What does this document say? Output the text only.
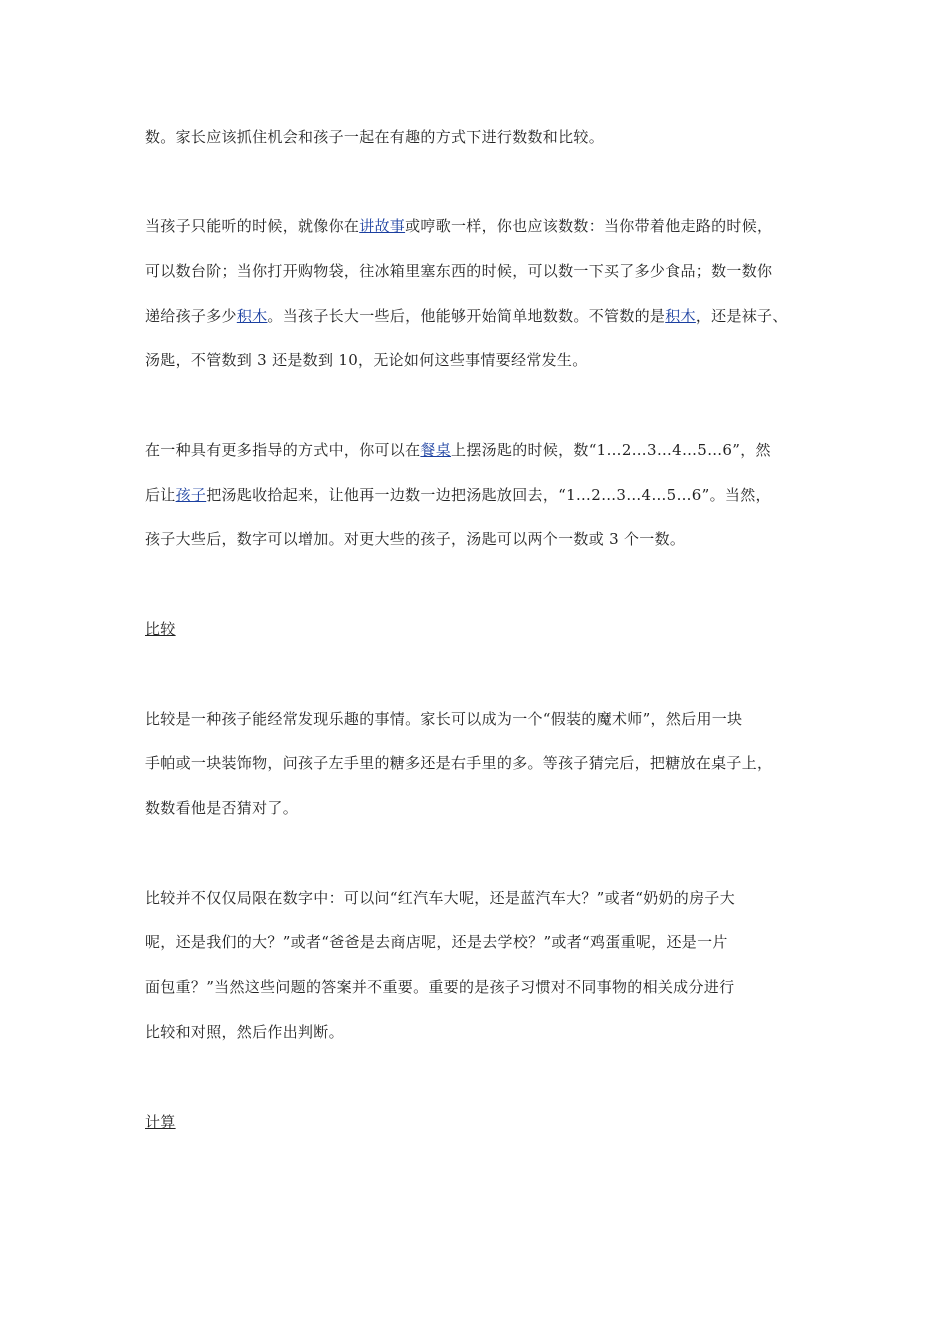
数。家长应该抓住机会和孩子一起在有趣的方式下进行数数和比较。
当孩子只能听的时候，就像你在讲故事或哼歌一样，你也应该数数：当你带着他走路的时候，
可以数台阶；当你打开购物袋，往冰箱里塞东西的时候，可以数一下买了多少食品；数一数你
递给孩子多少积木。当孩子长大一些后，他能够开始简单地数数。不管数的是积木，还是袜子、
汤匙，不管数到 3 还是数到 10，无论如何这些事情要经常发生。
在一种具有更多指导的方式中，你可以在餐桌上摆汤匙的时候，数“1…2…3…4…5…6”，然
后让孩子把汤匙收拾起来，让他再一边数一边把汤匙放回去，“1…2…3…4…5…6”。当然，
孩子大些后，数字可以增加。对更大些的孩子，汤匙可以两个一数或 3 个一数。
比较
比较是一种孩子能经常发现乐趣的事情。家长可以成为一个“假装的魔术师”，然后用一块
手帕或一块装饰物，问孩子左手里的糖多还是右手里的多。等孩子猜完后，把糖放在桌子上，
数数看他是否猜对了。
比较并不仅仅局限在数字中：可以问“红汽车大呢，还是蓝汽车大？”或者“奶奶的房子大
呢，还是我们的大？”或者“爸爸是去商店呢，还是去学校？”或者“鸡蛋重呢，还是一片
面包重？”当然这些问题的答案并不重要。重要的是孩子习惯对不同事物的相关成分进行
比较和对照，然后作出判断。
计算
